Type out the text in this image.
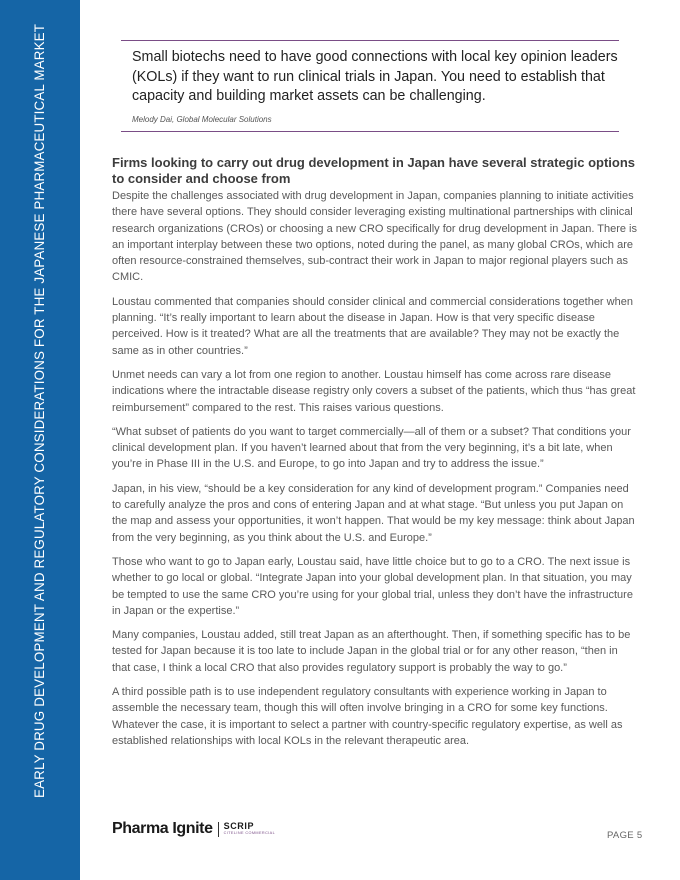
EARLY DRUG DEVELOPMENT AND REGULATORY CONSIDERATIONS FOR THE JAPANESE PHARMACEUTICAL MARKET	Small biotechs need to have good connections with local key opinion leaders (KOLs) if they want to run clinical trials in Japan. You need to establish that capacity and building market assets can be challenging.
Melody Dai, Global Molecular Solutions
Firms looking to carry out drug development in Japan have several strategic options to consider and choose from

Despite the challenges associated with drug development in Japan, companies planning to initiate activities there have several options. They should consider leveraging existing multinational partnerships with clinical research organizations (CROs) or choosing a new CRO specifically for drug development in Japan. There is an important interplay between these two options, noted during the panel, as many global CROs, which are often resource-constrained themselves, sub-contract their work in Japan to major regional players such as CMIC.

Loustau commented that companies should consider clinical and commercial considerations together when planning. “It’s really important to learn about the disease in Japan. How is that very specific disease perceived. How is it treated? What are all the treatments that are available? They may not be exactly the same as in other countries.”

Unmet needs can vary a lot from one region to another. Loustau himself has come across rare disease indications where the intractable disease registry only covers a subset of the patients, which thus “has great reimbursement” compared to the rest. This raises various questions.

“What subset of patients do you want to target commercially—all of them or a subset? That conditions your clinical development plan. If you haven’t learned about that from the very beginning, it’s a bit late, when you’re in Phase III in the U.S. and Europe, to go into Japan and try to address the issue.”

Japan, in his view, “should be a key consideration for any kind of development program.” Companies need to carefully analyze the pros and cons of entering Japan and at what stage. “But unless you put Japan on the map and assess your opportunities, it won’t happen. That would be my key message: think about Japan from the very beginning, as you think about the U.S. and Europe.”

Those who want to go to Japan early, Loustau said, have little choice but to go to a CRO. The next issue is whether to go local or global. “Integrate Japan into your global development plan. In that situation, you may be tempted to use the same CRO you’re using for your global trial, unless they don’t have the infrastructure in Japan or the expertise.”

Many companies, Loustau added, still treat Japan as an afterthought. Then, if something specific has to be tested for Japan because it is too late to include Japan in the global trial or for any other reason, “then in that case, I think a local CRO that also provides regulatory support is probably the way to go.”

A third possible path is to use independent regulatory consultants with experience working in Japan to assemble the necessary team, though this will often involve bringing in a CRO for some key functions. Whatever the case, it is important to select a partner with country-specific regulatory expertise, as well as established relationships with local KOLs in the relevant therapeutic area.

Pharma Ignite SCRIP
CITELINE COMMERCIAL	PAGE 5
